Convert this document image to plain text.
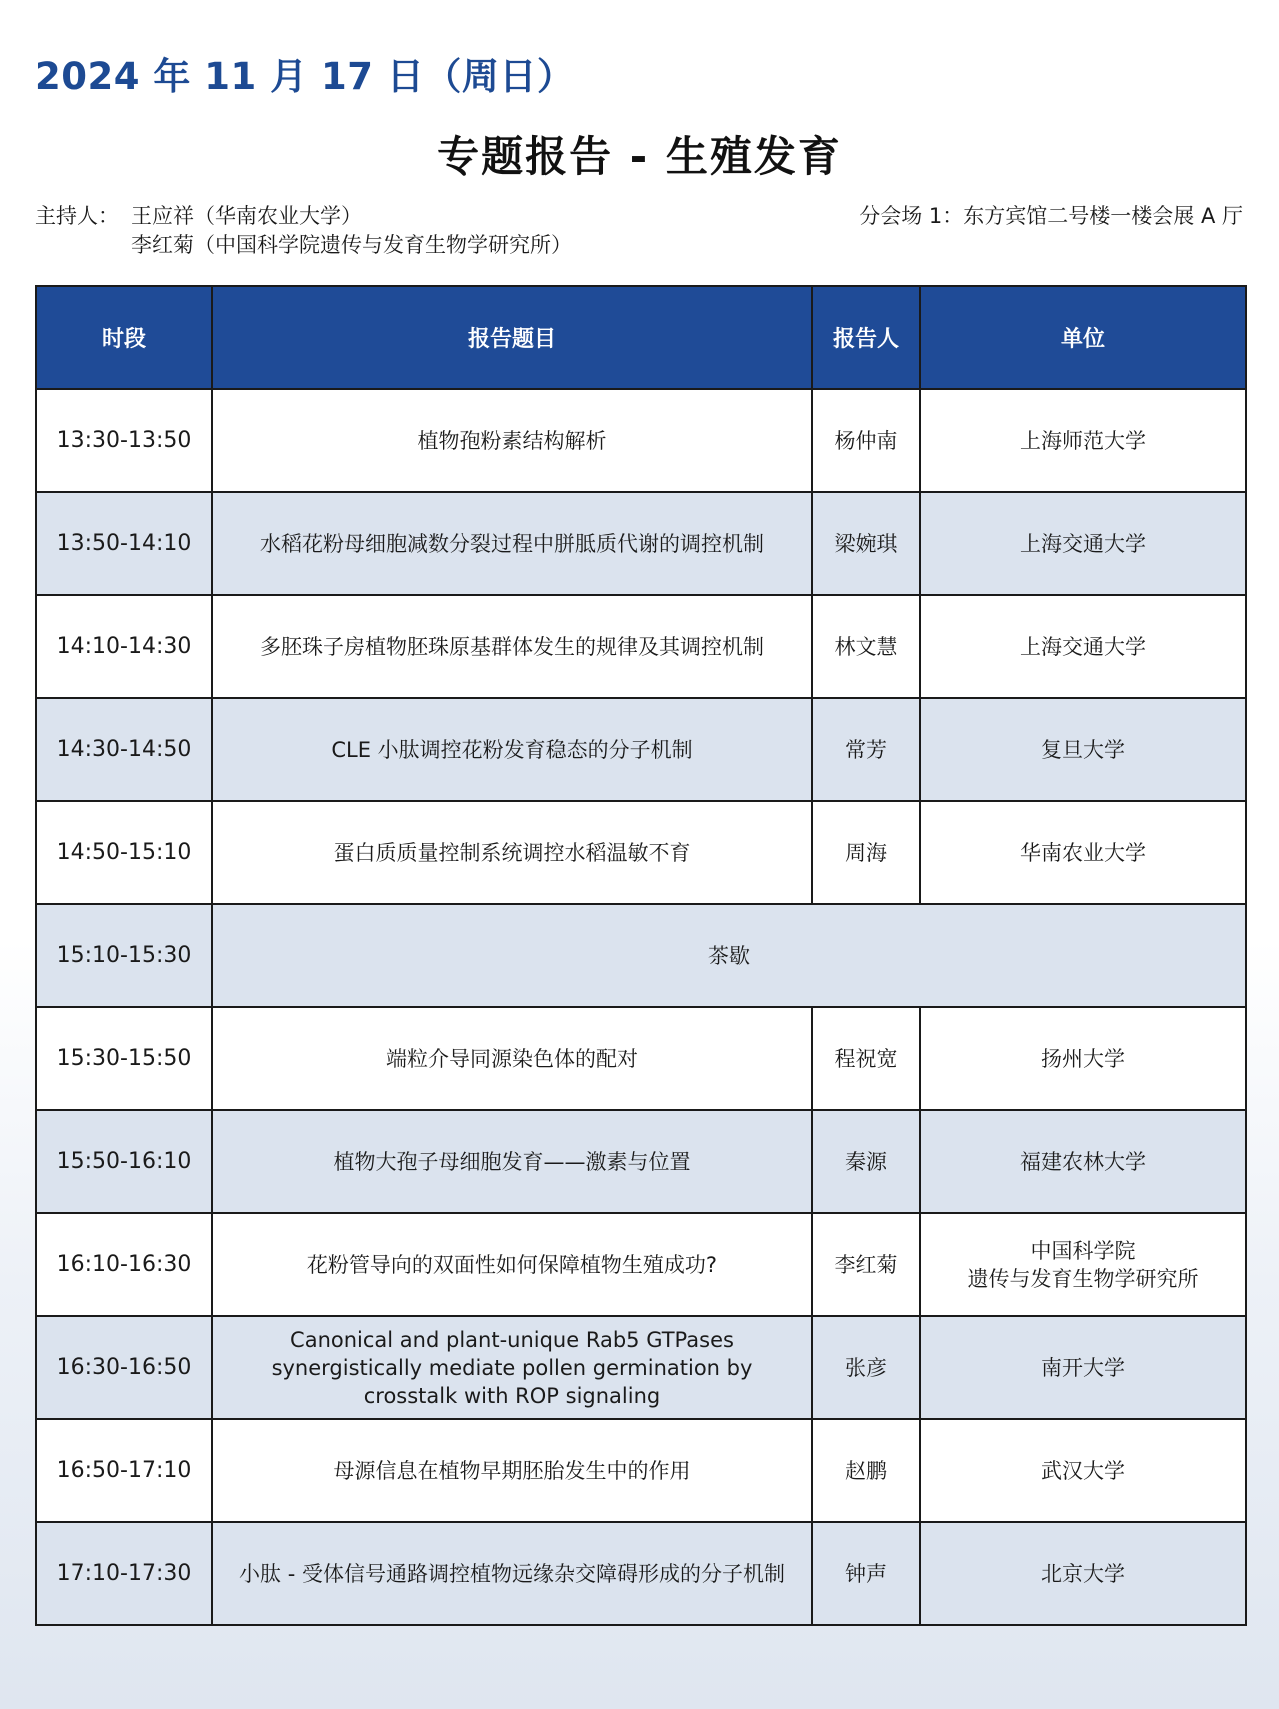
2024 年 11 月 17 日（周日）
专题报告 - 生殖发育
主持人： 王应祥（华南农业大学）
李红菊（中国科学院遗传与发育生物学研究所）
分会场 1：东方宾馆二号楼一楼会展 A 厅
时段	报告题目	报告人	单位
13:30-13:50	植物孢粉素结构解析	杨仲南	上海师范大学
13:50-14:10	水稻花粉母细胞减数分裂过程中胼胝质代谢的调控机制	梁婉琪	上海交通大学
14:10-14:30	多胚珠子房植物胚珠原基群体发生的规律及其调控机制	林文慧	上海交通大学
14:30-14:50	CLE 小肽调控花粉发育稳态的分子机制	常芳	复旦大学
14:50-15:10	蛋白质质量控制系统调控水稻温敏不育	周海	华南农业大学
15:10-15:30	茶歇		
15:30-15:50	端粒介导同源染色体的配对	程祝宽	扬州大学
15:50-16:10	植物大孢子母细胞发育——激素与位置	秦源	福建农林大学
16:10-16:30	花粉管导向的双面性如何保障植物生殖成功?	李红菊	中国科学院
遗传与发育生物学研究所

16:30-16:50	Canonical and plant-unique Rab5 GTPases synergistically mediate pollen germination by crosstalk with ROP signaling	张彦	南开大学
16:50-17:10	母源信息在植物早期胚胎发生中的作用	赵鹏	武汉大学
17:10-17:30	小肽 - 受体信号通路调控植物远缘杂交障碍形成的分子机制	钟声	北京大学
